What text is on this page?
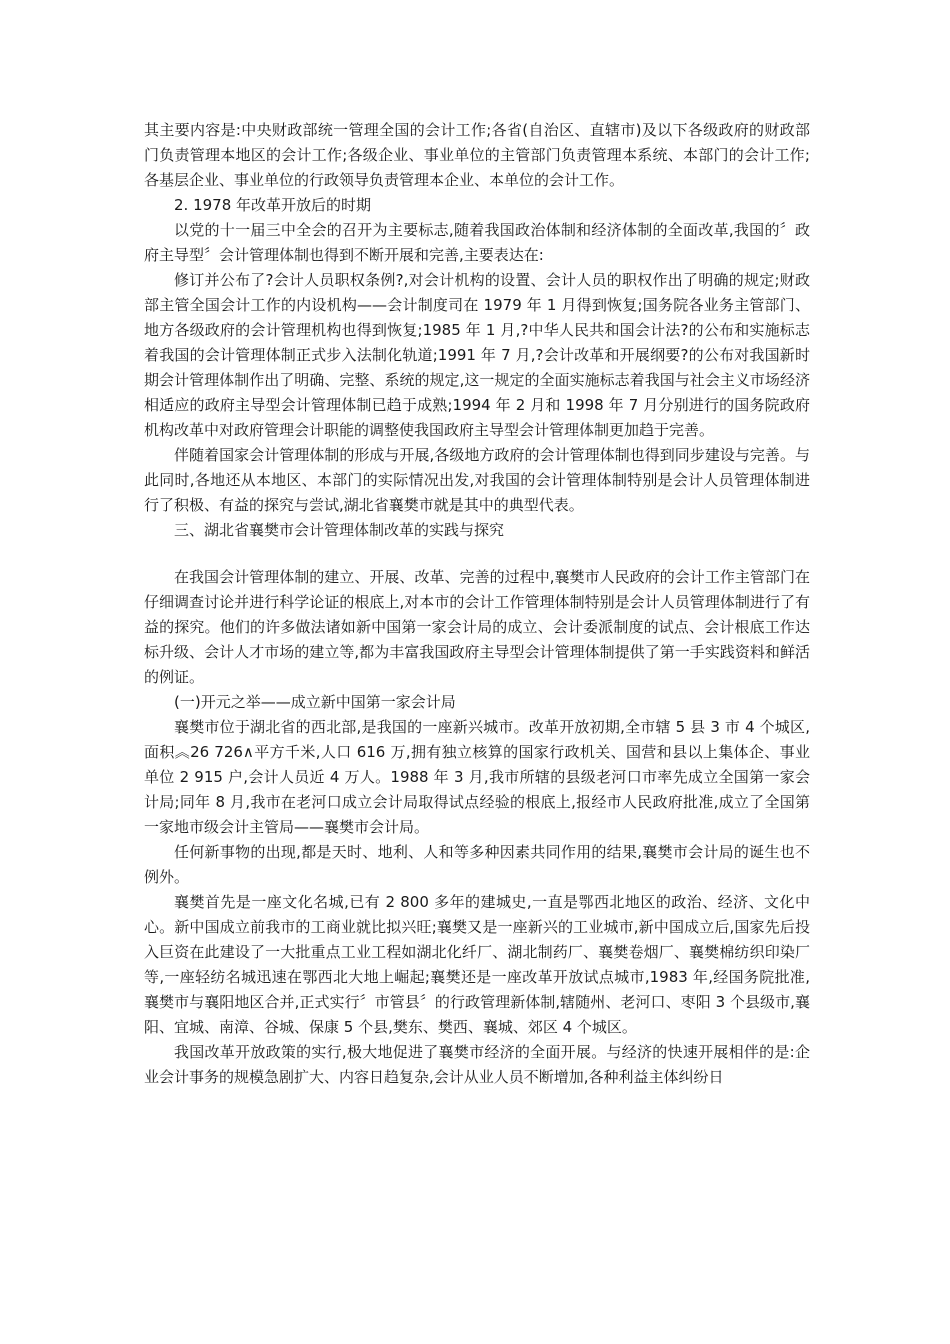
其主要内容是:中央财政部统一管理全国的会计工作;各省(自治区、直辖市)及以下各级政府的财政部门负责管理本地区的会计工作;各级企业、事业单位的主管部门负责管理本系统、本部门的会计工作;各基层企业、事业单位的行政领导负责管理本企业、本单位的会计工作。

2. 1978 年改革开放后的时期

以党的十一届三中全会的召开为主要标志,随着我国政治体制和经济体制的全面改革,我国的〞政府主导型〞会计管理体制也得到不断开展和完善,主要表达在:

修订并公布了?会计人员职权条例?,对会计机构的设置、会计人员的职权作出了明确的规定;财政部主管全国会计工作的内设机构——会计制度司在 1979 年 1 月得到恢复;国务院各业务主管部门、地方各级政府的会计管理机构也得到恢复;1985 年 1 月,?中华人民共和国会计法?的公布和实施标志着我国的会计管理体制正式步入法制化轨道;1991 年 7 月,?会计改革和开展纲要?的公布对我国新时期会计管理体制作出了明确、完整、系统的规定,这一规定的全面实施标志着我国与社会主义市场经济相适应的政府主导型会计管理体制已趋于成熟;1994 年 2 月和 1998 年 7 月分别进行的国务院政府机构改革中对政府管理会计职能的调整使我国政府主导型会计管理体制更加趋于完善。

伴随着国家会计管理体制的形成与开展,各级地方政府的会计管理体制也得到同步建设与完善。与此同时,各地还从本地区、本部门的实际情况出发,对我国的会计管理体制特别是会计人员管理体制进行了积极、有益的探究与尝试,湖北省襄樊市就是其中的典型代表。

三、湖北省襄樊市会计管理体制改革的实践与探究

在我国会计管理体制的建立、开展、改革、完善的过程中,襄樊市人民政府的会计工作主管部门在仔细调查讨论并进行科学论证的根底上,对本市的会计工作管理体制特别是会计人员管理体制进行了有益的探究。他们的许多做法诸如新中国第一家会计局的成立、会计委派制度的试点、会计根底工作达标升级、会计人才市场的建立等,都为丰富我国政府主导型会计管理体制提供了第一手实践资料和鲜活的例证。

(一)开元之举——成立新中国第一家会计局

襄樊市位于湖北省的西北部,是我国的一座新兴城市。改革开放初期,全市辖 5 县 3 市 4 个城区,面积︽26 726∧平方千米,人口 616 万,拥有独立核算的国家行政机关、国营和县以上集体企、事业单位 2 915 户,会计人员近 4 万人。1988 年 3 月,我市所辖的县级老河口市率先成立全国第一家会计局;同年 8 月,我市在老河口成立会计局取得试点经验的根底上,报经市人民政府批准,成立了全国第一家地市级会计主管局——襄樊市会计局。

任何新事物的出现,都是天时、地利、人和等多种因素共同作用的结果,襄樊市会计局的诞生也不例外。

襄樊首先是一座文化名城,已有 2 800 多年的建城史,一直是鄂西北地区的政治、经济、文化中心。新中国成立前我市的工商业就比拟兴旺;襄樊又是一座新兴的工业城市,新中国成立后,国家先后投入巨资在此建设了一大批重点工业工程如湖北化纤厂、湖北制药厂、襄樊卷烟厂、襄樊棉纺织印染厂等,一座轻纺名城迅速在鄂西北大地上崛起;襄樊还是一座改革开放试点城市,1983 年,经国务院批准,襄樊市与襄阳地区合并,正式实行〞市管县〞的行政管理新体制,辖随州、老河口、枣阳 3 个县级市,襄阳、宜城、南漳、谷城、保康 5 个县,樊东、樊西、襄城、郊区 4 个城区。

我国改革开放政策的实行,极大地促进了襄樊市经济的全面开展。与经济的快速开展相伴的是:企业会计事务的规模急剧扩大、内容日趋复杂,会计从业人员不断增加,各种利益主体纠纷日
